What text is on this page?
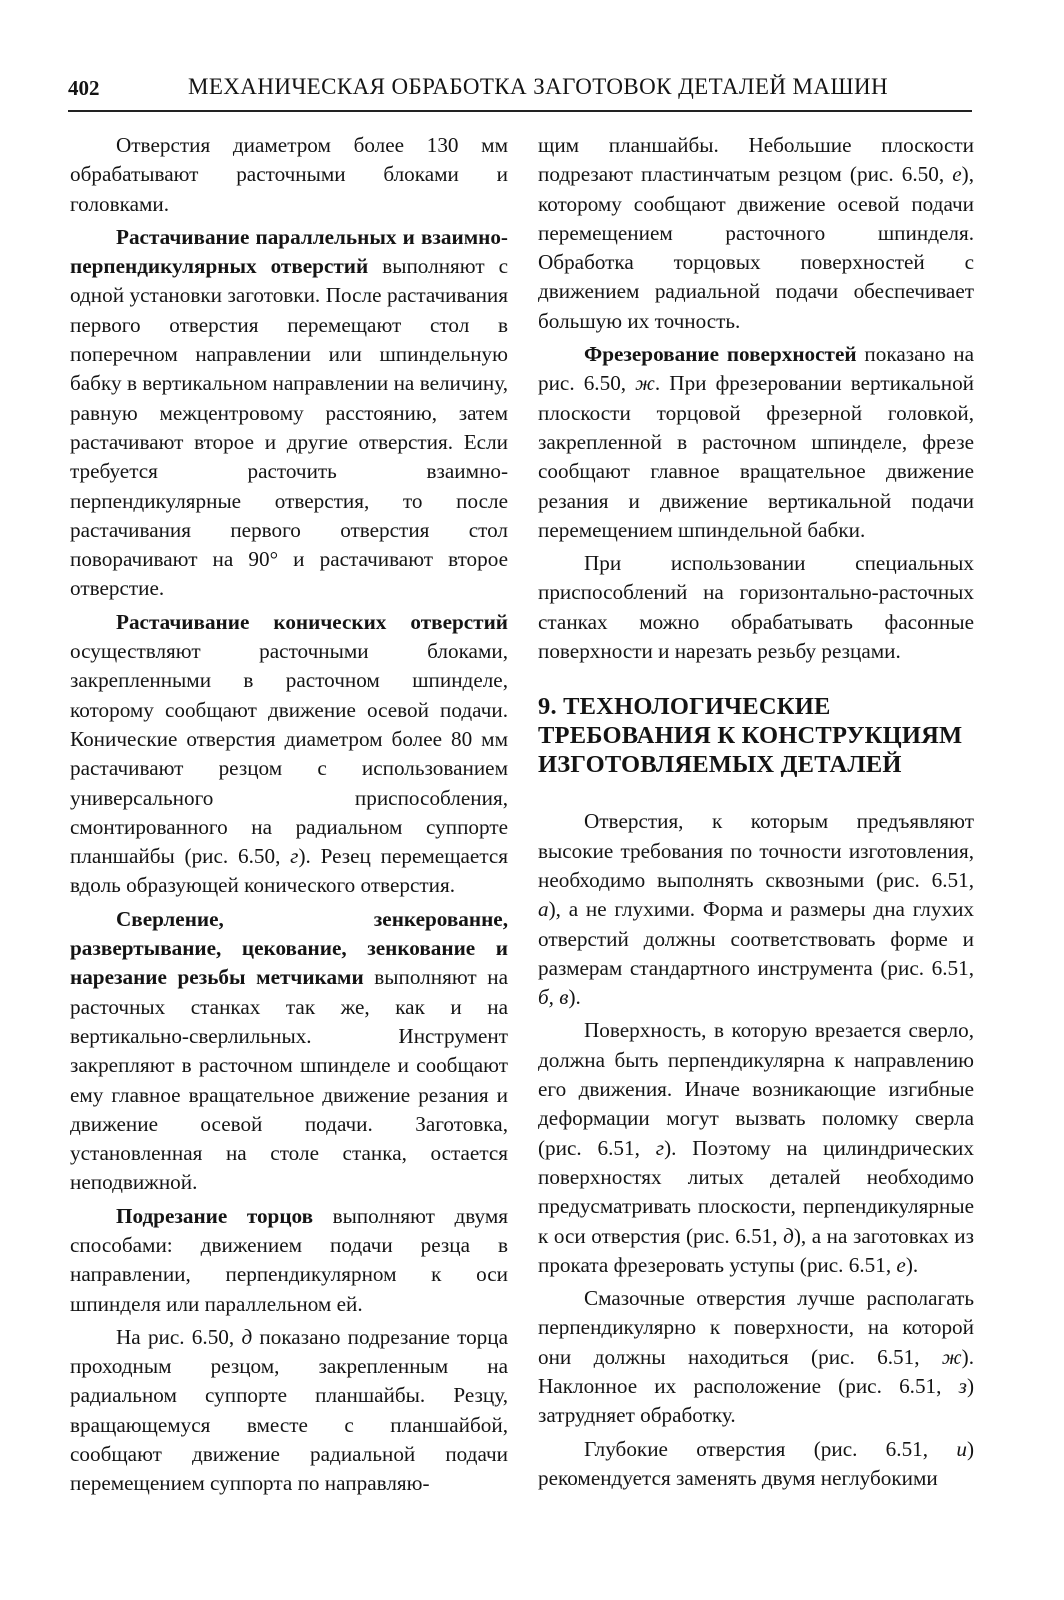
402	МЕХАНИЧЕСКАЯ ОБРАБОТКА ЗАГОТОВОК ДЕТАЛЕЙ МАШИН

Отверстия диаметром более 130 мм обрабатывают расточными блоками и головками.

Растачивание параллельных и взаимно-перпендикулярных отверстий выполняют с одной установки заготовки. После растачивания первого отверстия перемещают стол в поперечном направлении или шпиндельную бабку в вертикальном направлении на величину, равную межцентровому расстоянию, затем растачивают второе и другие отверстия. Если требуется расточить взаимно-перпендикулярные отверстия, то после растачивания первого отверстия стол поворачивают на 90° и растачивают второе отверстие.

Растачивание конических отверстий осуществляют расточными блоками, закрепленными в расточном шпинделе, которому сообщают движение осевой подачи. Конические отверстия диаметром более 80 мм растачивают резцом с использованием универсального приспособления, смонтированного на радиальном суппорте планшайбы (рис. 6.50, г). Резец перемещается вдоль образующей конического отверстия.

Сверление, зенкерованне, развертывание, цекование, зенкование и нарезание резьбы метчиками выполняют на расточных станках так же, как и на вертикально-сверлильных. Инструмент закрепляют в расточном шпинделе и сообщают ему главное вращательное движение резания и движение осевой подачи. Заготовка, установленная на столе станка, остается неподвижной.

Подрезание торцов выполняют двумя способами: движением подачи резца в направлении, перпендикулярном к оси шпинделя или параллельном ей.

На рис. 6.50, д показано подрезание торца проходным резцом, закрепленным на радиальном суппорте планшайбы. Резцу, вращающемуся вместе с планшайбой, сообщают движение радиальной подачи перемещением суппорта по направляю-

щим планшайбы. Небольшие плоскости подрезают пластинчатым резцом (рис. 6.50, е), которому сообщают движение осевой подачи перемещением расточного шпинделя. Обработка торцовых поверхностей с движением радиальной подачи обеспечивает большую их точность.

Фрезерование поверхностей показано на рис. 6.50, ж. При фрезеровании вертикальной плоскости торцовой фрезерной головкой, закрепленной в расточном шпинделе, фрезе сообщают главное вращательное движение резания и движение вертикальной подачи перемещением шпиндельной бабки.

При использовании специальных приспособлений на горизонтально-расточных станках можно обрабатывать фасонные поверхности и нарезать резьбу резцами.

9. ТЕХНОЛОГИЧЕСКИЕ ТРЕБОВАНИЯ К КОНСТРУКЦИЯМ ИЗГОТОВЛЯЕМЫХ ДЕТАЛЕЙ

Отверстия, к которым предъявляют высокие требования по точности изготовления, необходимо выполнять сквозными (рис. 6.51, а), а не глухими. Форма и размеры дна глухих отверстий должны соответствовать форме и размерам стандартного инструмента (рис. 6.51, б, в).

Поверхность, в которую врезается сверло, должна быть перпендикулярна к направлению его движения. Иначе возникающие изгибные деформации могут вызвать поломку сверла (рис. 6.51, г). Поэтому на цилиндрических поверхностях литых деталей необходимо предусматривать плоскости, перпендикулярные к оси отверстия (рис. 6.51, д), а на заготовках из проката фрезеровать уступы (рис. 6.51, е).

Смазочные отверстия лучше располагать перпендикулярно к поверхности, на которой они должны находиться (рис. 6.51, ж). Наклонное их расположение (рис. 6.51, з) затрудняет обработку.

Глубокие отверстия (рис. 6.51, и) рекомендуется заменять двумя неглубокими
